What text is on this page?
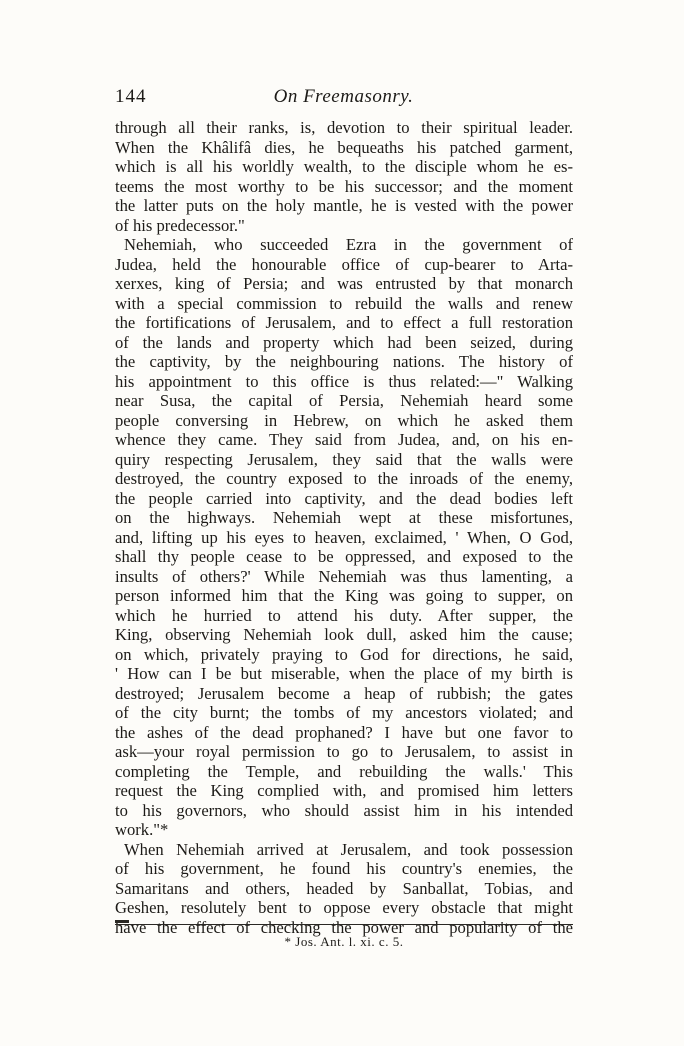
144	On Freemasonry.
through all their ranks, is, devotion to their spiritual leader.
When the Khâlifâ dies, he bequeaths his patched garment,
which is all his worldly wealth, to the disciple whom he es-
teems the most worthy to be his successor; and the moment
the latter puts on the holy mantle, he is vested with the power
of his predecessor."
Nehemiah, who succeeded Ezra in the government of
Judea, held the honourable office of cup-bearer to Arta-
xerxes, king of Persia; and was entrusted by that monarch
with a special commission to rebuild the walls and renew
the fortifications of Jerusalem, and to effect a full restoration
of the lands and property which had been seized, during
the captivity, by the neighbouring nations. The history of
his appointment to this office is thus related:—" Walking
near Susa, the capital of Persia, Nehemiah heard some
people conversing in Hebrew, on which he asked them
whence they came. They said from Judea, and, on his en-
quiry respecting Jerusalem, they said that the walls were
destroyed, the country exposed to the inroads of the enemy,
the people carried into captivity, and the dead bodies left
on the highways. Nehemiah wept at these misfortunes,
and, lifting up his eyes to heaven, exclaimed, ' When, O God,
shall thy people cease to be oppressed, and exposed to the
insults of others?' While Nehemiah was thus lamenting, a
person informed him that the King was going to supper, on
which he hurried to attend his duty. After supper, the
King, observing Nehemiah look dull, asked him the cause;
on which, privately praying to God for directions, he said,
' How can I be but miserable, when the place of my birth is
destroyed; Jerusalem become a heap of rubbish; the gates
of the city burnt; the tombs of my ancestors violated; and
the ashes of the dead prophaned? I have but one favor to
ask—your royal permission to go to Jerusalem, to assist in
completing the Temple, and rebuilding the walls.' This
request the King complied with, and promised him letters
to his governors, who should assist him in his intended
work."*
When Nehemiah arrived at Jerusalem, and took possession
of his government, he found his country's enemies, the
Samaritans and others, headed by Sanballat, Tobias, and
Geshen, resolutely bent to oppose every obstacle that might
have the effect of checking the power and popularity of the
* Jos. Ant. l. xi. c. 5.
